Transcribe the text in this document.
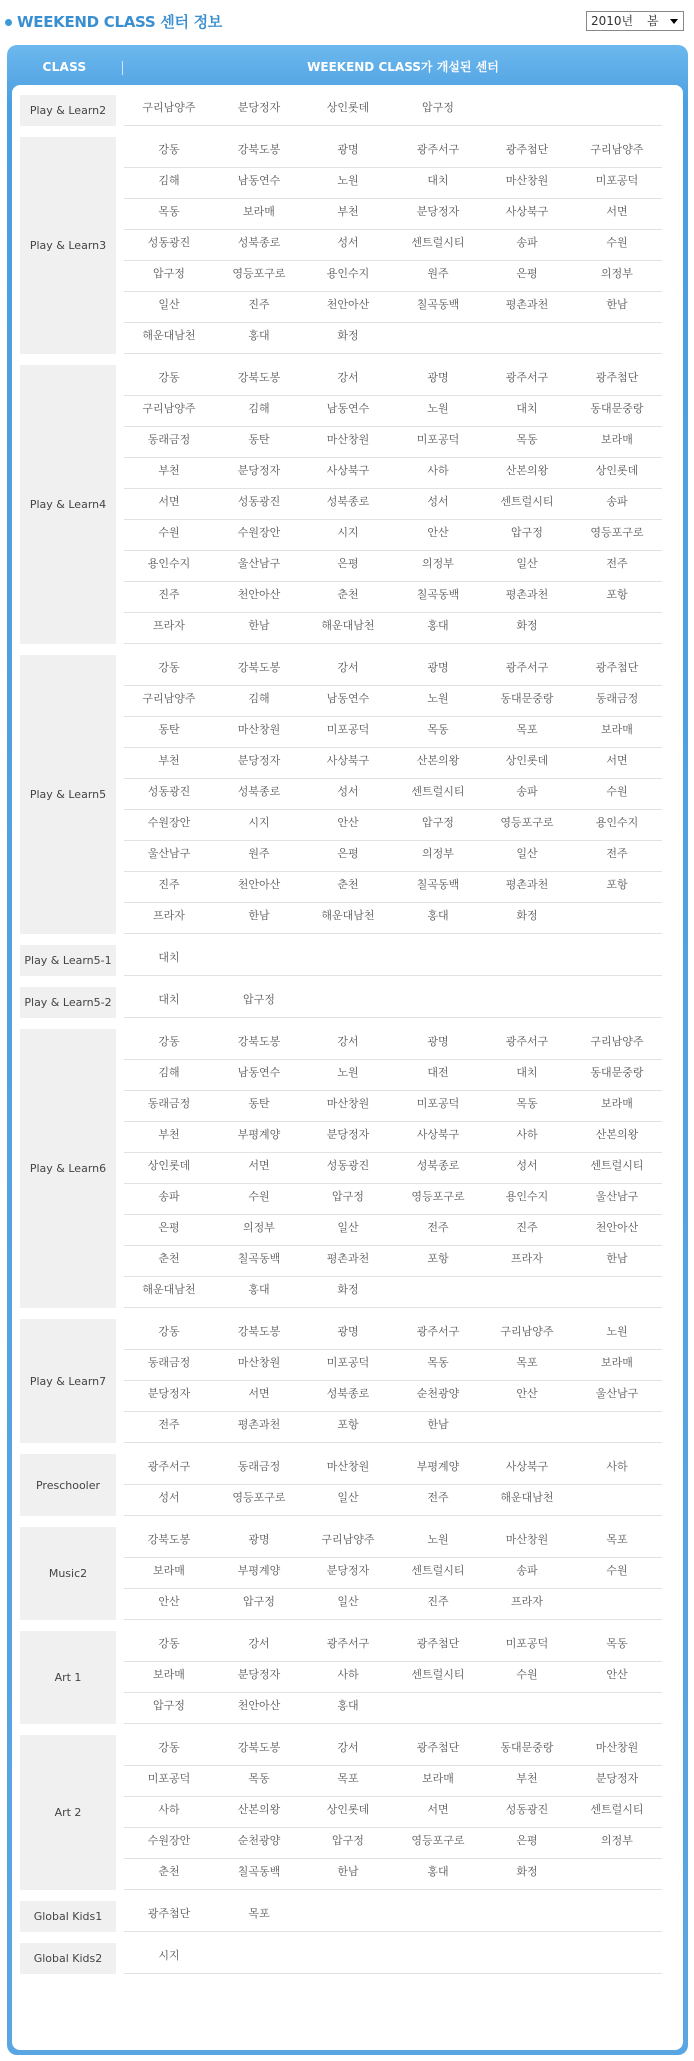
WEEKEND CLASS 센터 정보	2010년 봄
CLASS	WEEKEND CLASS가 개설된 센터
Play & Learn2	구리남양주	분당정자	상인롯데	압구정
Play & Learn3
강동	강북도봉	광명	광주서구	광주첨단	구리남양주
김해	남동연수	노원	대치	마산창원	미포공덕
목동	보라매	부천	분당정자	사상북구	서면
성동광진	성북종로	성서	센트럴시티	송파	수원
압구정	영등포구로	용인수지	원주	은평	의정부
일산	진주	천안아산	칠곡동백	평촌과천	한남
해운대남천	홍대	화정
Play & Learn4
강동	강북도봉	강서	광명	광주서구	광주첨단
구리남양주	김해	남동연수	노원	대치	동대문중랑
동래금정	동탄	마산창원	미포공덕	목동	보라매
부천	분당정자	사상북구	사하	산본의왕	상인롯데
서면	성동광진	성북종로	성서	센트럴시티	송파
수원	수원장안	시지	안산	압구정	영등포구로
용인수지	울산남구	은평	의정부	일산	전주
진주	천안아산	춘천	칠곡동백	평촌과천	포항
프라자	한남	해운대남천	홍대	화정
Play & Learn5
강동	강북도봉	강서	광명	광주서구	광주첨단
구리남양주	김해	남동연수	노원	동대문중랑	동래금정
동탄	마산창원	미포공덕	목동	목포	보라매
부천	분당정자	사상북구	산본의왕	상인롯데	서면
성동광진	성북종로	성서	센트럴시티	송파	수원
수원장안	시지	안산	압구정	영등포구로	용인수지
울산남구	원주	은평	의정부	일산	전주
진주	천안아산	춘천	칠곡동백	평촌과천	포항
프라자	한남	해운대남천	홍대	화정
Play & Learn5-1	대치
Play & Learn5-2	대치	압구정
Play & Learn6
강동	강북도봉	강서	광명	광주서구	구리남양주
김해	남동연수	노원	대전	대치	동대문중랑
동래금정	동탄	마산창원	미포공덕	목동	보라매
부천	부평계양	분당정자	사상북구	사하	산본의왕
상인롯데	서면	성동광진	성북종로	성서	센트럴시티
송파	수원	압구정	영등포구로	용인수지	울산남구
은평	의정부	일산	전주	진주	천안아산
춘천	칠곡동백	평촌과천	포항	프라자	한남
해운대남천	홍대	화정
Play & Learn7
강동	강북도봉	광명	광주서구	구리남양주	노원
동래금정	마산창원	미포공덕	목동	목포	보라매
분당정자	서면	성북종로	순천광양	안산	울산남구
전주	평촌과천	포항	한남
Preschooler
광주서구	동래금정	마산창원	부평계양	사상북구	사하
성서	영등포구로	일산	전주	해운대남천
Music2
강북도봉	광명	구리남양주	노원	마산창원	목포
보라매	부평계양	분당정자	센트럴시티	송파	수원
안산	압구정	일산	진주	프라자
Art 1
강동	강서	광주서구	광주첨단	미포공덕	목동
보라매	분당정자	사하	센트럴시티	수원	안산
압구정	천안아산	홍대
Art 2
강동	강북도봉	강서	광주첨단	동대문중랑	마산창원
미포공덕	목동	목포	보라매	부천	분당정자
사하	산본의왕	상인롯데	서면	성동광진	센트럴시티
수원장안	순천광양	압구정	영등포구로	은평	의정부
춘천	칠곡동백	한남	홍대	화정
Global Kids1	광주첨단	목포
Global Kids2	시지
